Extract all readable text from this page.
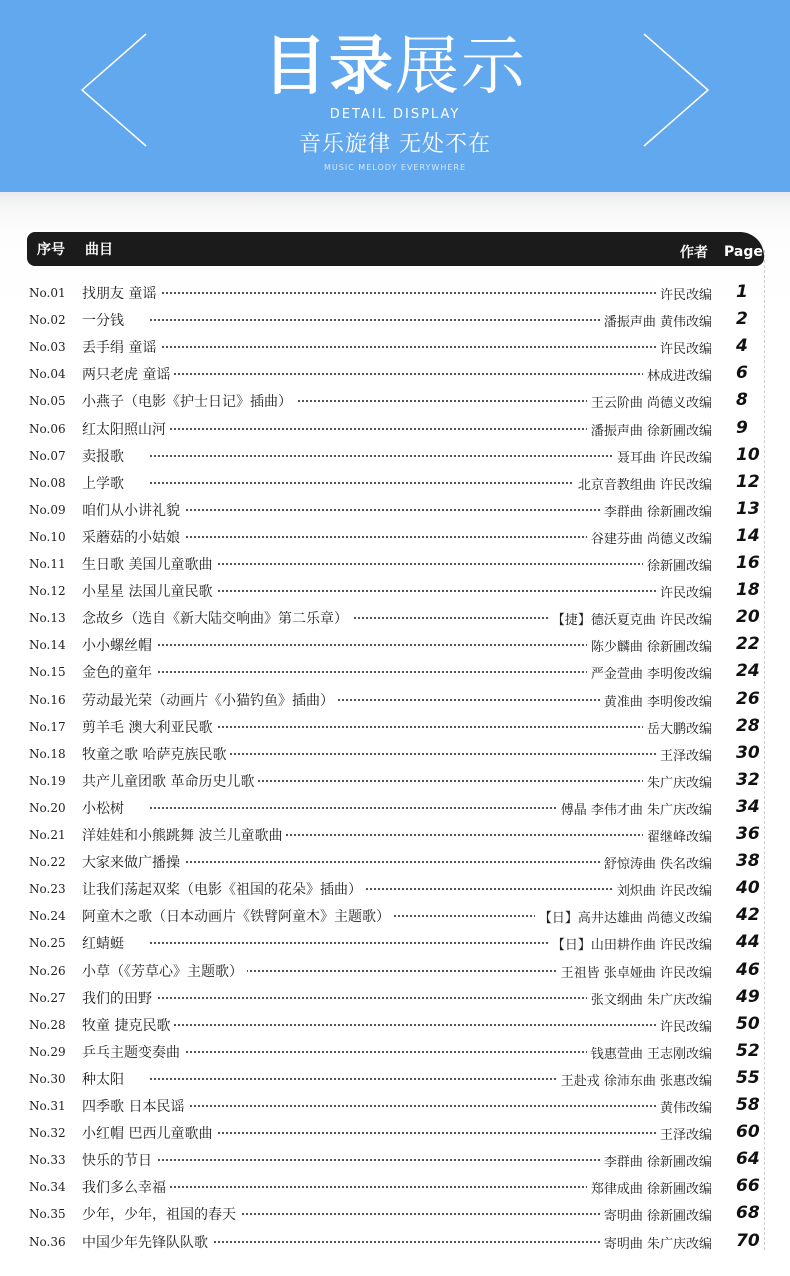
目录展示
DETAIL DISPLAY
音乐旋律 无处不在
MUSIC MELODY EVERYWHERE
序号 曲目	作者 Page
No.01 找朋友 童谣	许民改编 1
No.02 一分钱	潘振声曲 黄伟改编 2
No.03 丢手绢 童谣	许民改编 4
No.04 两只老虎 童谣	林成进改编 6
No.05 小燕子（电影《护士日记》插曲）	王云阶曲 尚德义改编 8
No.06 红太阳照山河	潘振声曲 徐新圃改编 9
No.07 卖报歌	聂耳曲 许民改编 10
No.08 上学歌	北京音教组曲 许民改编 12
No.09 咱们从小讲礼貌	李群曲 徐新圃改编 13
No.10 采蘑菇的小姑娘	谷建芬曲 尚德义改编 14
No.11 生日歌 美国儿童歌曲	徐新圃改编 16
No.12 小星星 法国儿童民歌	许民改编 18
No.13 念故乡（选自《新大陆交响曲》第二乐章）	【捷】德沃夏克曲 许民改编 20
No.14 小小螺丝帽	陈少麟曲 徐新圃改编 22
No.15 金色的童年	严金萱曲 李明俊改编 24
No.16 劳动最光荣（动画片《小猫钓鱼》插曲）	黄准曲 李明俊改编 26
No.17 剪羊毛 澳大利亚民歌	岳大鹏改编 28
No.18 牧童之歌 哈萨克族民歌	王泽改编 30
No.19 共产儿童团歌 革命历史儿歌	朱广庆改编 32
No.20 小松树	傅晶 李伟才曲 朱广庆改编 34
No.21 洋娃娃和小熊跳舞 波兰儿童歌曲	翟继峰改编 36
No.22 大家来做广播操	舒惊涛曲 佚名改编 38
No.23 让我们荡起双桨（电影《祖国的花朵》插曲）	刘炽曲 许民改编 40
No.24 阿童木之歌（日本动画片《铁臂阿童木》主题歌）	【日】高井达雄曲 尚德义改编 42
No.25 红蜻蜓	【日】山田耕作曲 许民改编 44
No.26 小草（《芳草心》主题歌）	王祖皆 张卓娅曲 许民改编 46
No.27 我们的田野	张文纲曲 朱广庆改编 49
No.28 牧童 捷克民歌	许民改编 50
No.29 乒乓主题变奏曲	钱惠萱曲 王志刚改编 52
No.30 种太阳	王赴戎 徐沛东曲 张惠改编 55
No.31 四季歌 日本民谣	黄伟改编 58
No.32 小红帽 巴西儿童歌曲	王泽改编 60
No.33 快乐的节日	李群曲 徐新圃改编 64
No.34 我们多么幸福	郑律成曲 徐新圃改编 66
No.35 少年，少年，祖国的春天	寄明曲 徐新圃改编 68
No.36 中国少年先锋队队歌	寄明曲 朱广庆改编 70
